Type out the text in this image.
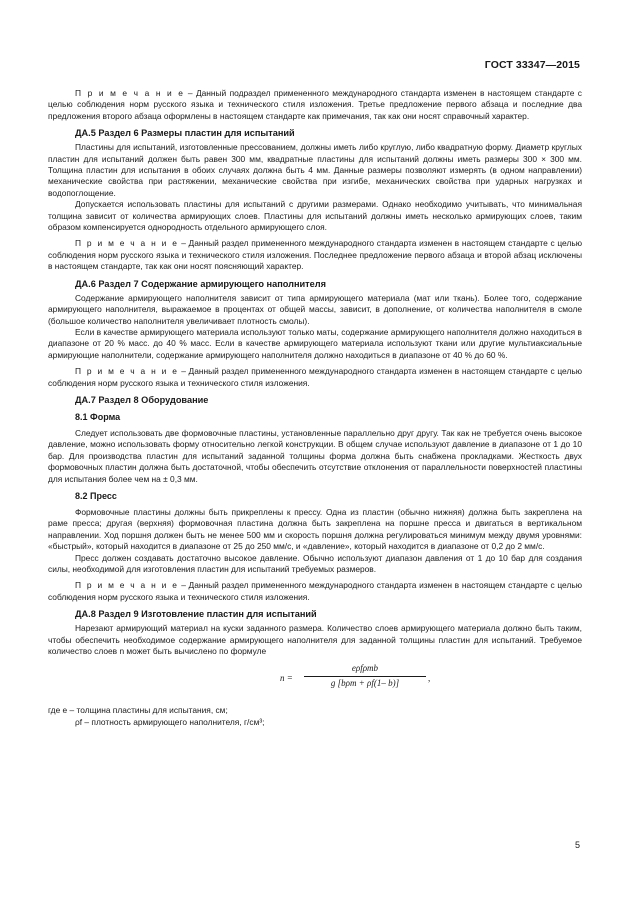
ГОСТ 33347—2015

П р и м е ч а н и е – Данный подраздел примененного международного стандарта изменен в настоящем стандарте с целью соблюдения норм русского языка и технического стиля изложения. Третье предложение первого абзаца и последние два предложения второго абзаца оформлены в настоящем стандарте как примечания, так как они носят справочный характер.

ДА.5 Раздел 6 Размеры пластин для испытаний

Пластины для испытаний, изготовленные прессованием, должны иметь либо круглую, либо квадратную форму. Диаметр круглых пластин для испытаний должен быть равен 300 мм, квадратные пластины для испытаний должны иметь размеры 300 × 300 мм. Толщина пластин для испытания в обоих случаях должна быть 4 мм. Данные размеры позволяют измерять (в одном направлении) механические свойства при растяжении, механические свойства при изгибе, механических свойства при ударных нагрузках и водопоглощение.

Допускается использовать пластины для испытаний с другими размерами. Однако необходимо учитывать, что минимальная толщина зависит от количества армирующих слоев. Пластины для испытаний должны иметь несколько армирующих слоев, таким образом компенсируется однородность отдельного армирующего слоя.

П р и м е ч а н и е – Данный раздел примененного международного стандарта изменен в настоящем стандарте с целью соблюдения норм русского языка и технического стиля изложения. Последнее предложение первого абзаца и второй абзац исключены в настоящем стандарте, так как они носят поясняющий характер.

ДА.6 Раздел 7 Содержание армирующего наполнителя

Содержание армирующего наполнителя зависит от типа армирующего материала (мат или ткань). Более того, содержание армирующего наполнителя, выражаемое в процентах от общей массы, зависит, в дополнение, от количества наполнителя в смоле (большое количество наполнителя увеличивает плотность смолы).

Если в качестве армирующего материала используют только маты, содержание армирующего наполнителя должно находиться в диапазоне от 20 % масс. до 40 % масс. Если в качестве армирующего материала используют ткани или другие мультиаксиальные армирующие наполнители, содержание армирующего наполнителя должно находиться в диапазоне от 40 % до 60 %.

П р и м е ч а н и е – Данный раздел примененного международного стандарта изменен в настоящем стандарте с целью соблюдения норм русского языка и технического стиля изложения.

ДА.7 Раздел 8 Оборудование
8.1 Форма

Следует использовать две формовочные пластины, установленные параллельно друг другу. Так как не требуется очень высокое давление, можно использовать форму относительно легкой конструкции. В общем случае используют давление в диапазоне от 1 до 10 бар. Для производства пластин для испытаний заданной толщины форма должна быть снабжена прокладками. Жесткость двух формовочных пластин должна быть достаточной, чтобы обеспечить отсутствие отклонения от параллельности поверхностей пластины для испытания более чем на ± 0,3 мм.

8.2 Пресс

Формовочные пластины должны быть прикреплены к прессу. Одна из пластин (обычно нижняя) должна быть закреплена на раме пресса; другая (верхняя) формовочная пластина должна быть закреплена на поршне пресса и двигаться в вертикальном направлении. Ход поршня должен быть не менее 500 мм и скорость поршня должна регулироваться минимум между двумя уровнями: «быстрый», который находится в диапазоне от 25 до 250 мм/с, и «давление», который находится в диапазоне от 0,2 до 2 мм/с.

Пресс должен создавать достаточно высокое давление. Обычно используют диапазон давления от 1 до 10 бар для создания силы, необходимой для изготовления пластин для испытаний требуемых размеров.

П р и м е ч а н и е – Данный раздел примененного международного стандарта изменен в настоящем стандарте с целью соблюдения норм русского языка и технического стиля изложения.

ДА.8 Раздел 9 Изготовление пластин для испытаний

Нарезают армирующий материал на куски заданного размера. Количество слоев армирующего материала должно быть таким, чтобы обеспечить необходимое содержание армирующего наполнителя для заданной толщины пластин для испытаний. Требуемое количество слоев n может быть вычислено по формуле

n =
eρfρmb
g [bρm + ρf(1– b)]	,

где e – толщина пластины для испытания, см;

ρf – плотность армирующего наполнителя, г/см³;

5
